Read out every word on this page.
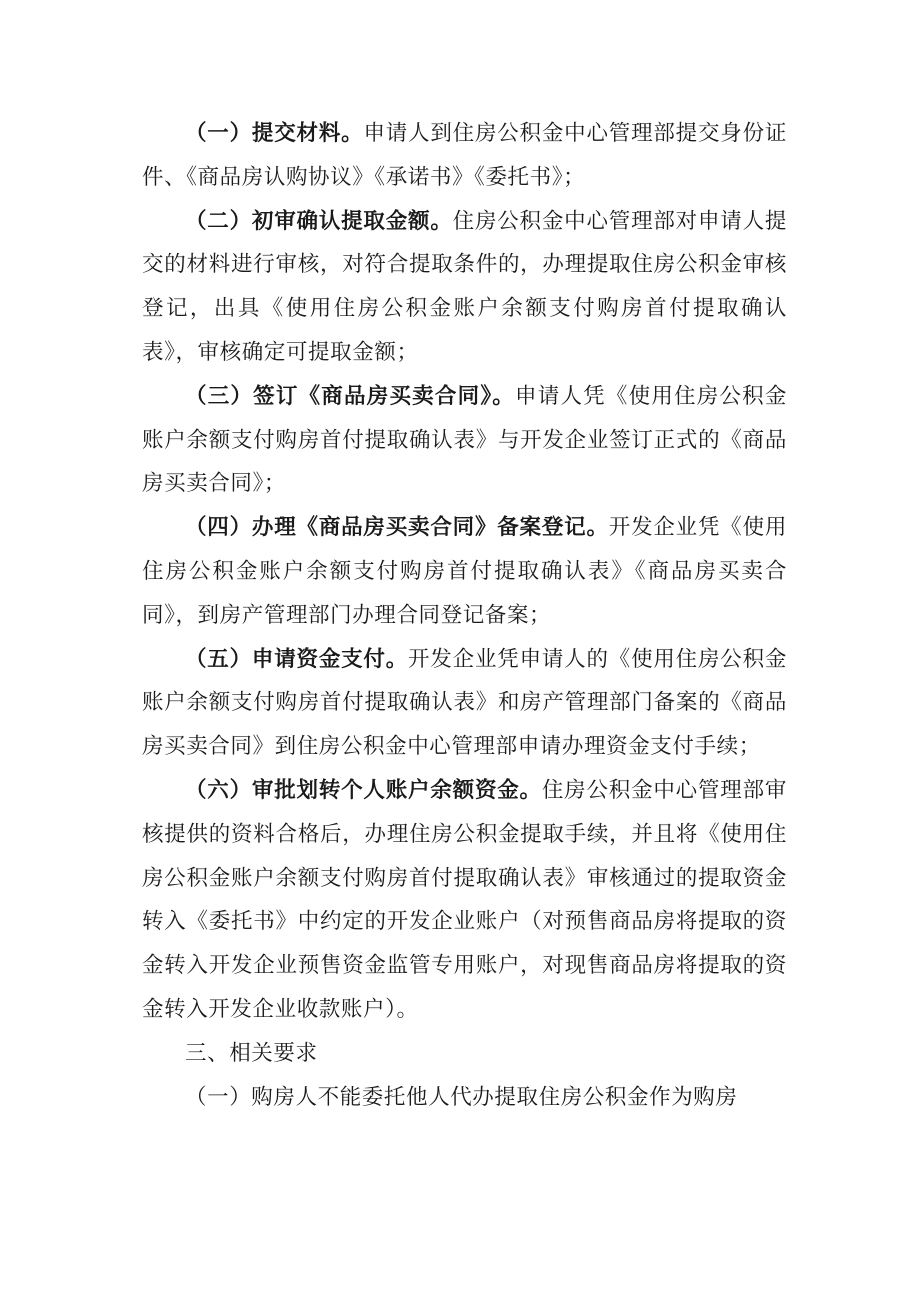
（一）提交材料。申请人到住房公积金中心管理部提交身份证件、《商品房认购协议》《承诺书》《委托书》；

（二）初审确认提取金额。住房公积金中心管理部对申请人提交的材料进行审核，对符合提取条件的，办理提取住房公积金审核登记，出具《使用住房公积金账户余额支付购房首付提取确认表》，审核确定可提取金额；

（三）签订《商品房买卖合同》。申请人凭《使用住房公积金账户余额支付购房首付提取确认表》与开发企业签订正式的《商品房买卖合同》；

（四）办理《商品房买卖合同》备案登记。开发企业凭《使用住房公积金账户余额支付购房首付提取确认表》《商品房买卖合同》，到房产管理部门办理合同登记备案；

（五）申请资金支付。开发企业凭申请人的《使用住房公积金账户余额支付购房首付提取确认表》和房产管理部门备案的《商品房买卖合同》到住房公积金中心管理部申请办理资金支付手续；

（六）审批划转个人账户余额资金。住房公积金中心管理部审核提供的资料合格后，办理住房公积金提取手续，并且将《使用住房公积金账户余额支付购房首付提取确认表》审核通过的提取资金转入《委托书》中约定的开发企业账户（对预售商品房将提取的资金转入开发企业预售资金监管专用账户，对现售商品房将提取的资金转入开发企业收款账户）。

三、相关要求

（一）购房人不能委托他人代办提取住房公积金作为购房
